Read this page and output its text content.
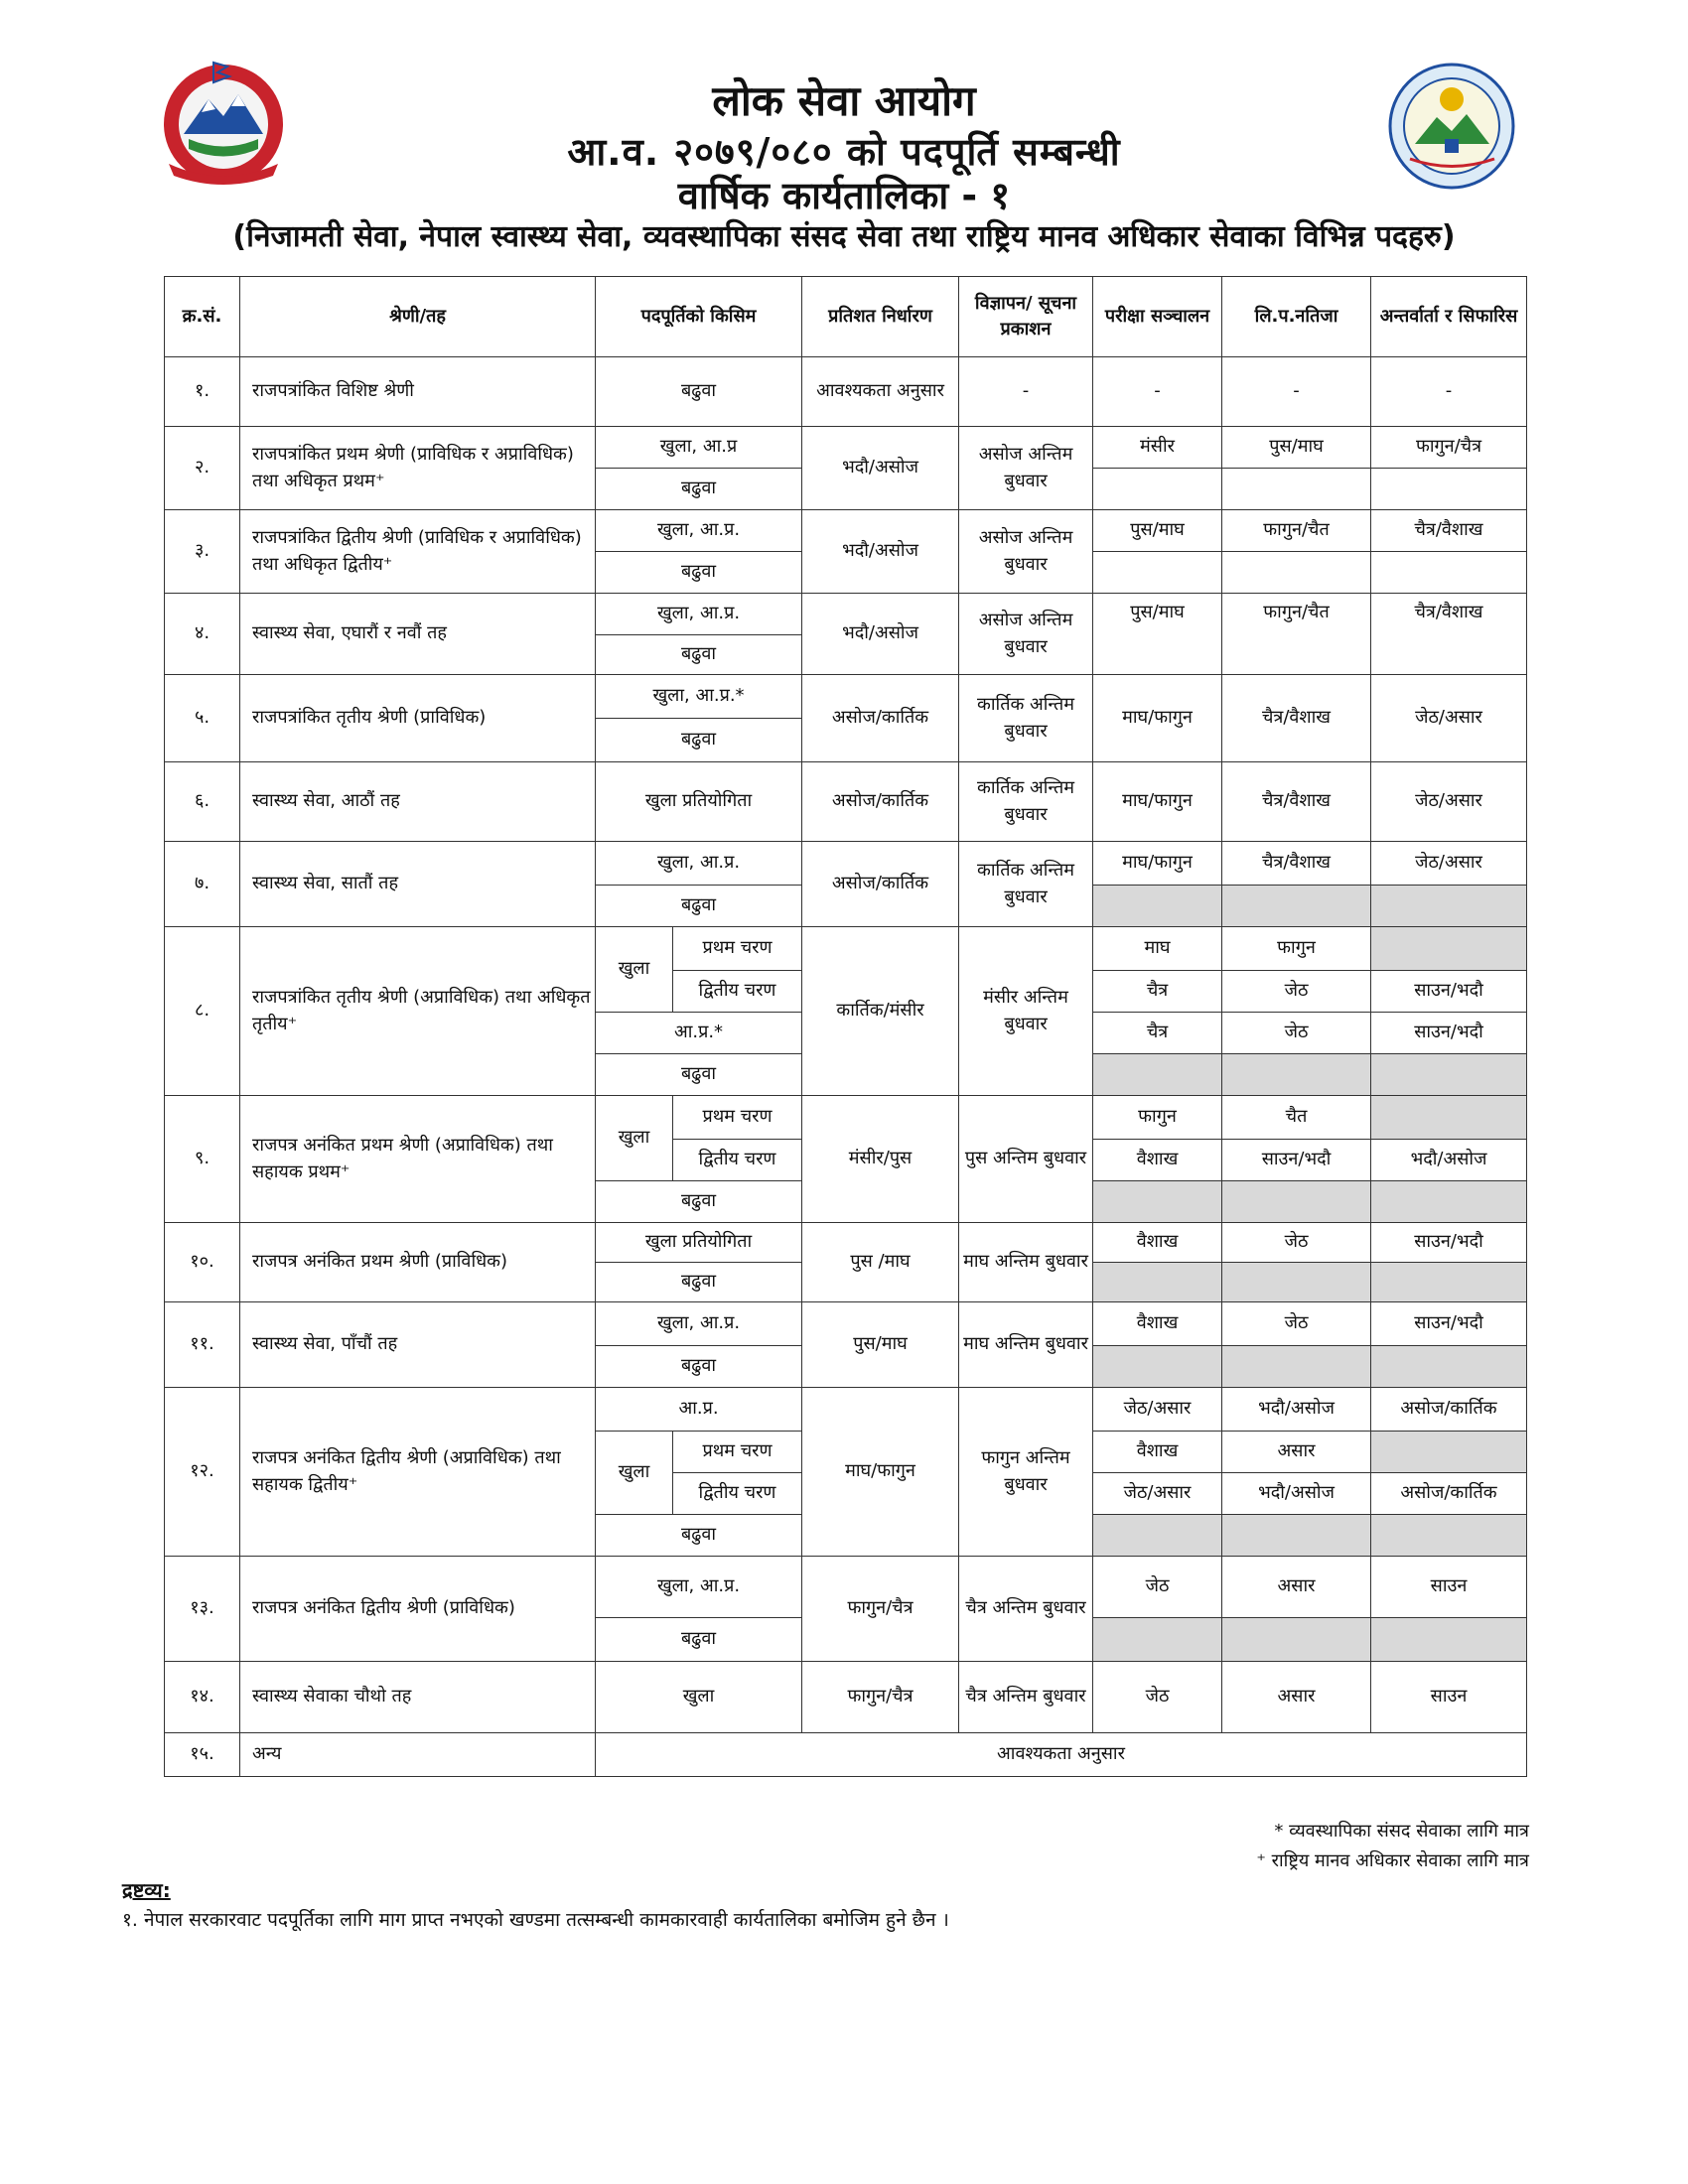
लोक सेवा आयोग
आ.व. २०७९/०८० को पदपूर्ति सम्बन्धी
वार्षिक कार्यतालिका - १
(निजामती सेवा, नेपाल स्वास्थ्य सेवा, व्यवस्थापिका संसद सेवा तथा राष्ट्रिय मानव अधिकार सेवाका विभिन्न पदहरु)
क्र.सं.	श्रेणी/तह	पदपूर्तिको किसिम		प्रतिशत निर्धारण	विज्ञापन/ सूचना प्रकाशन	परीक्षा सञ्चालन	लि.प.नतिजा	अन्तर्वार्ता र सिफारिस
१.	राजपत्रांकित विशिष्ट श्रेणी	बढुवा		आवश्यकता अनुसार	-	-	-	-
२.	राजपत्रांकित प्रथम श्रेणी (प्राविधिक र अप्राविधिक) तथा अधिकृत प्रथम⁺	खुला, आ.प्र		भदौ/असोज	असोज अन्तिम बुधवार	मंसीर	पुस/माघ	फागुन/चैत्र
		बढुवा						
३.	राजपत्रांकित द्वितीय श्रेणी (प्राविधिक र अप्राविधिक) तथा अधिकृत द्वितीय⁺	खुला, आ.प्र.		भदौ/असोज	असोज अन्तिम बुधवार	पुस/माघ	फागुन/चैत	चैत्र/वैशाख
		बढुवा						
४.	स्वास्थ्य सेवा, एघारौं र नवौं तह	खुला, आ.प्र.		भदौ/असोज	असोज अन्तिम बुधवार	पुस/माघ	फागुन/चैत	चैत्र/वैशाख
		बढुवा						
५.	राजपत्रांकित तृतीय श्रेणी (प्राविधिक)	खुला, आ.प्र.*		असोज/कार्तिक	कार्तिक अन्तिम बुधवार	माघ/फागुन	चैत्र/वैशाख	जेठ/असार
		बढुवा						
६.	स्वास्थ्य सेवा, आठौं तह	खुला प्रतियोगिता		असोज/कार्तिक	कार्तिक अन्तिम बुधवार	माघ/फागुन	चैत्र/वैशाख	जेठ/असार
७.	स्वास्थ्य सेवा, सातौं तह	खुला, आ.प्र.		असोज/कार्तिक	कार्तिक अन्तिम बुधवार	माघ/फागुन	चैत्र/वैशाख	जेठ/असार
		बढुवा						
८.	राजपत्रांकित तृतीय श्रेणी (अप्राविधिक) तथा अधिकृत तृतीय⁺	खुला	प्रथम चरण	कार्तिक/मंसीर	मंसीर अन्तिम बुधवार	माघ	फागुन	
			द्वितीय चरण			चैत्र	जेठ	साउन/भदौ
		आ.प्र.*				चैत्र	जेठ	साउन/भदौ
		बढुवा						
९.	राजपत्र अनंकित प्रथम श्रेणी (अप्राविधिक) तथा सहायक प्रथम⁺	खुला	प्रथम चरण	मंसीर/पुस	पुस अन्तिम बुधवार	फागुन	चैत	
			द्वितीय चरण			वैशाख	साउन/भदौ	भदौ/असोज
		बढुवा						
१०.	राजपत्र अनंकित प्रथम श्रेणी (प्राविधिक)	खुला प्रतियोगिता		पुस /माघ	माघ अन्तिम बुधवार	वैशाख	जेठ	साउन/भदौ
		बढुवा						
११.	स्वास्थ्य सेवा, पाँचौं तह	खुला, आ.प्र.		पुस/माघ	माघ अन्तिम बुधवार	वैशाख	जेठ	साउन/भदौ
		बढुवा						
१२.	राजपत्र अनंकित द्वितीय श्रेणी (अप्राविधिक) तथा सहायक द्वितीय⁺	आ.प्र.		माघ/फागुन	फागुन अन्तिम बुधवार	जेठ/असार	भदौ/असोज	असोज/कार्तिक
		खुला	प्रथम चरण			वैशाख	असार	
			द्वितीय चरण			जेठ/असार	भदौ/असोज	असोज/कार्तिक
		बढुवा						
१३.	राजपत्र अनंकित द्वितीय श्रेणी (प्राविधिक)	खुला, आ.प्र.		फागुन/चैत्र	चैत्र अन्तिम बुधवार	जेठ	असार	साउन
		बढुवा						
१४.	स्वास्थ्य सेवाका चौथो तह	खुला		फागुन/चैत्र	चैत्र अन्तिम बुधवार	जेठ	असार	साउन
१५.	अन्य	आवश्यकता अनुसार						
* व्यवस्थापिका संसद सेवाका लागि मात्र
⁺ राष्ट्रिय मानव अधिकार सेवाका लागि मात्र
द्रष्टव्य:
१. नेपाल सरकारवाट पदपूर्तिका लागि माग प्राप्त नभएको खण्डमा तत्सम्बन्धी कामकारवाही कार्यतालिका बमोजिम हुने छैन ।
